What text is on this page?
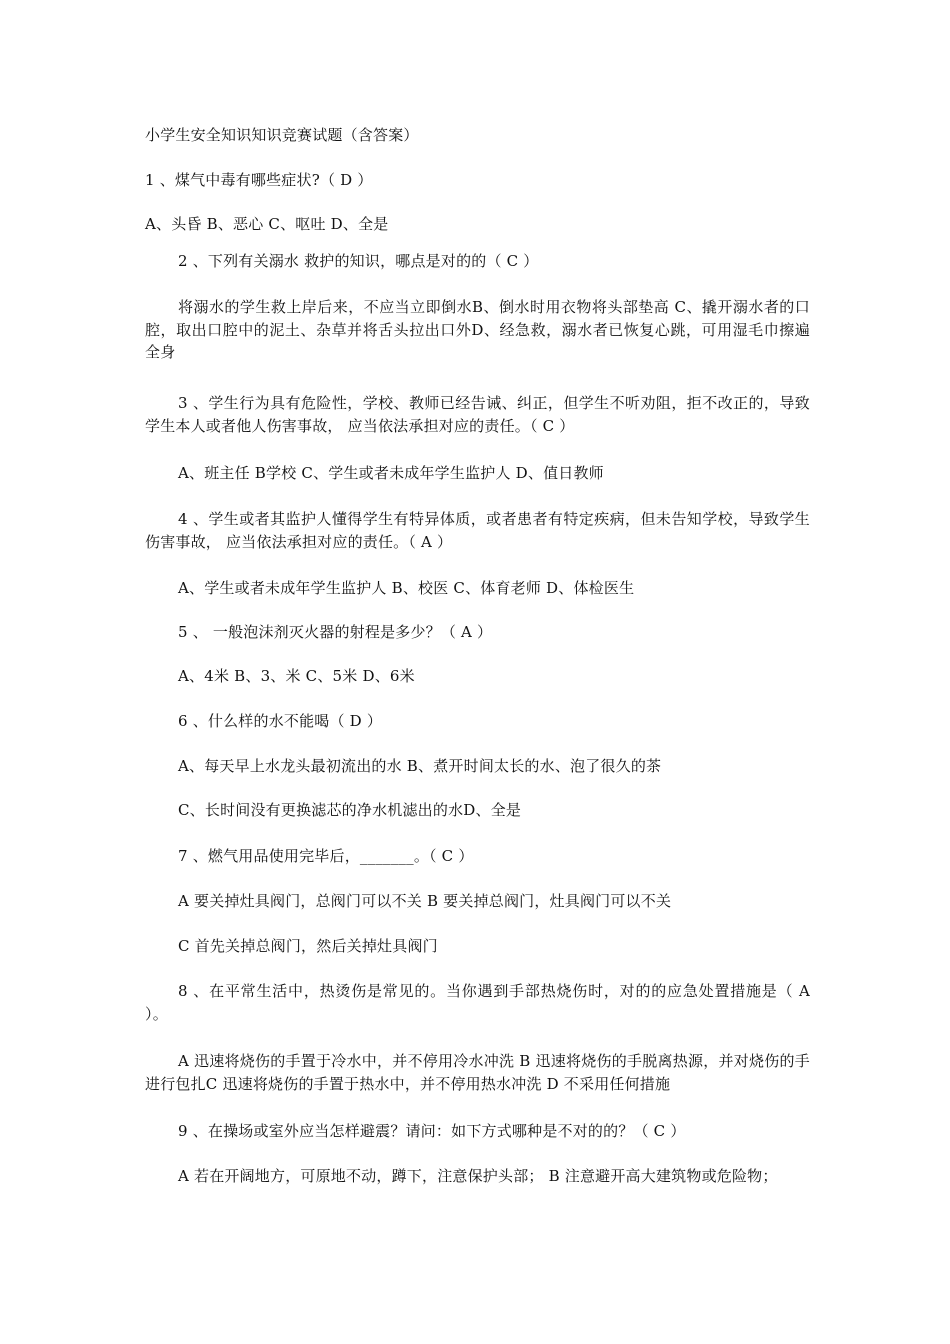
小学生安全知识知识竞赛试题（含答案）
1 、煤气中毒有哪些症状?（ D ）
A、头昏 B、恶心 C、呕吐 D、全是
2 、下列有关溺水 救护的知识，哪点是对的的（ C ）
将溺水的学生救上岸后来，不应当立即倒水B、倒水时用衣物将头部垫高 C、撬开溺水者的口腔，取出口腔中的泥土、杂草并将舌头拉出口外D、经急救，溺水者已恢复心跳，可用湿毛巾擦遍全身
3 、学生行为具有危险性，学校、教师已经告诫、纠正，但学生不听劝阻，拒不改正的，导致学生本人或者他人伤害事故， 应当依法承担对应的责任。（ C ）
A、班主任 B学校 C、学生或者未成年学生监护人 D、值日教师
4 、学生或者其监护人懂得学生有特异体质，或者患者有特定疾病，但未告知学校，导致学生伤害事故， 应当依法承担对应的责任。（ A ）
A、学生或者未成年学生监护人 B、校医 C、体育老师 D、体检医生
5 、 一般泡沫剂灭火器的射程是多少？（ A ）
A、4米 B、3、米 C、5米 D、6米
6 、什么样的水不能喝（ D ）
A、每天早上水龙头最初流出的水 B、煮开时间太长的水、泡了很久的茶
C、长时间没有更换滤芯的净水机滤出的水D、全是
7 、燃气用品使用完毕后，_______。（ C ）
A 要关掉灶具阀门，总阀门可以不关 B 要关掉总阀门，灶具阀门可以不关
C 首先关掉总阀门，然后关掉灶具阀门
8 、在平常生活中，热烫伤是常见的。当你遇到手部热烧伤时，对的的应急处置措施是（ A ）。
A 迅速将烧伤的手置于冷水中，并不停用冷水冲洗 B 迅速将烧伤的手脱离热源，并对烧伤的手进行包扎C 迅速将烧伤的手置于热水中，并不停用热水冲洗 D 不采用任何措施
9 、在操场或室外应当怎样避震？请问：如下方式哪种是不对的的？（ C ）
A 若在开阔地方，可原地不动，蹲下，注意保护头部； B 注意避开高大建筑物或危险物；
